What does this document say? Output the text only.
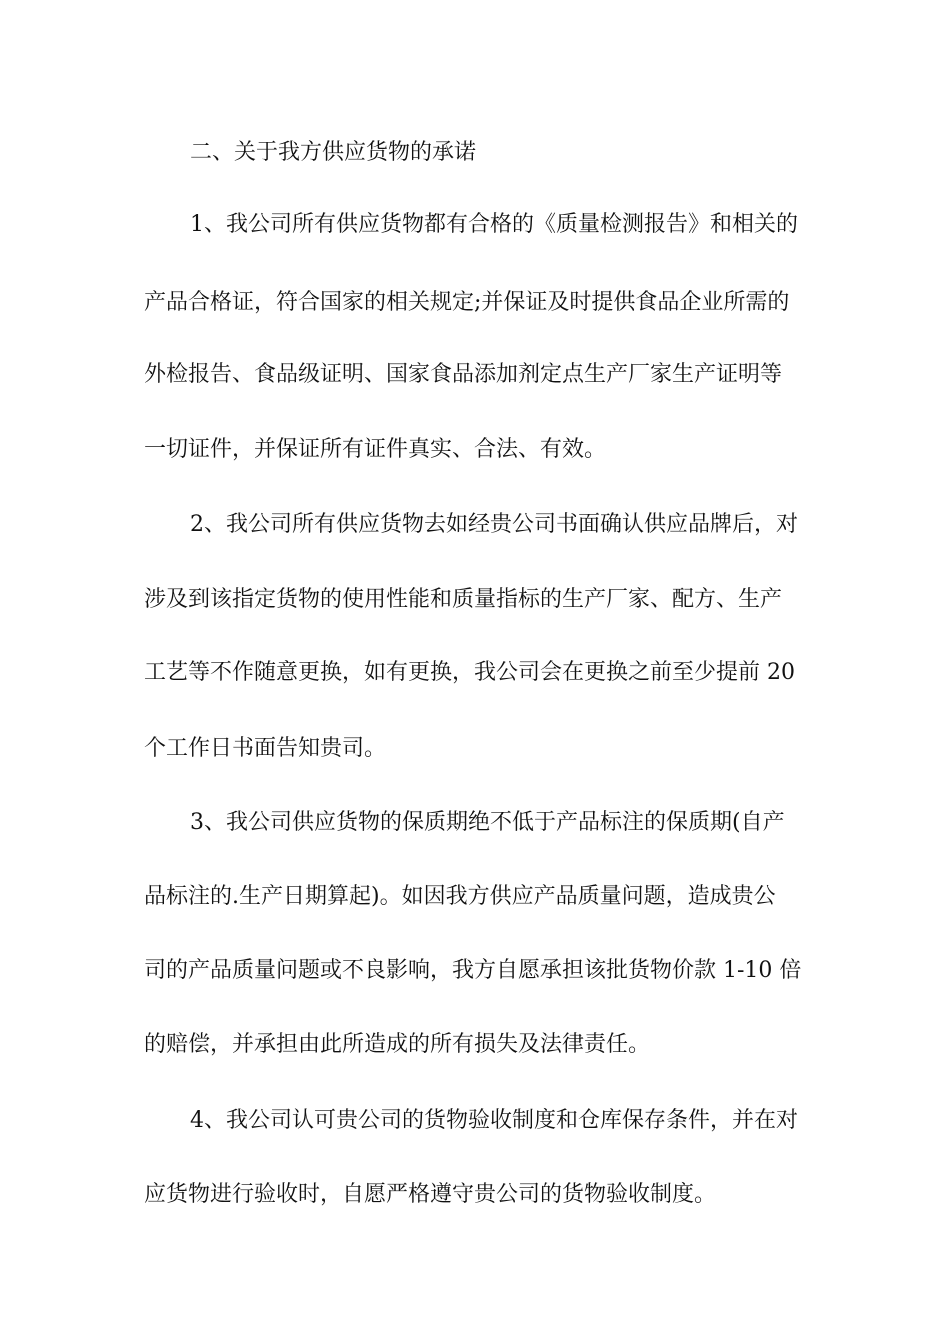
二、关于我方供应货物的承诺
1、我公司所有供应货物都有合格的《质量检测报告》和相关的
产品合格证，符合国家的相关规定;并保证及时提供食品企业所需的
外检报告、食品级证明、国家食品添加剂定点生产厂家生产证明等
一切证件，并保证所有证件真实、合法、有效。
2、我公司所有供应货物去如经贵公司书面确认供应品牌后，对
涉及到该指定货物的使用性能和质量指标的生产厂家、配方、生产
工艺等不作随意更换，如有更换，我公司会在更换之前至少提前 20
个工作日书面告知贵司。
3、我公司供应货物的保质期绝不低于产品标注的保质期(自产
品标注的.生产日期算起)。如因我方供应产品质量问题，造成贵公
司的产品质量问题或不良影响，我方自愿承担该批货物价款 1-10 倍
的赔偿，并承担由此所造成的所有损失及法律责任。
4、我公司认可贵公司的货物验收制度和仓库保存条件，并在对
应货物进行验收时，自愿严格遵守贵公司的货物验收制度。
